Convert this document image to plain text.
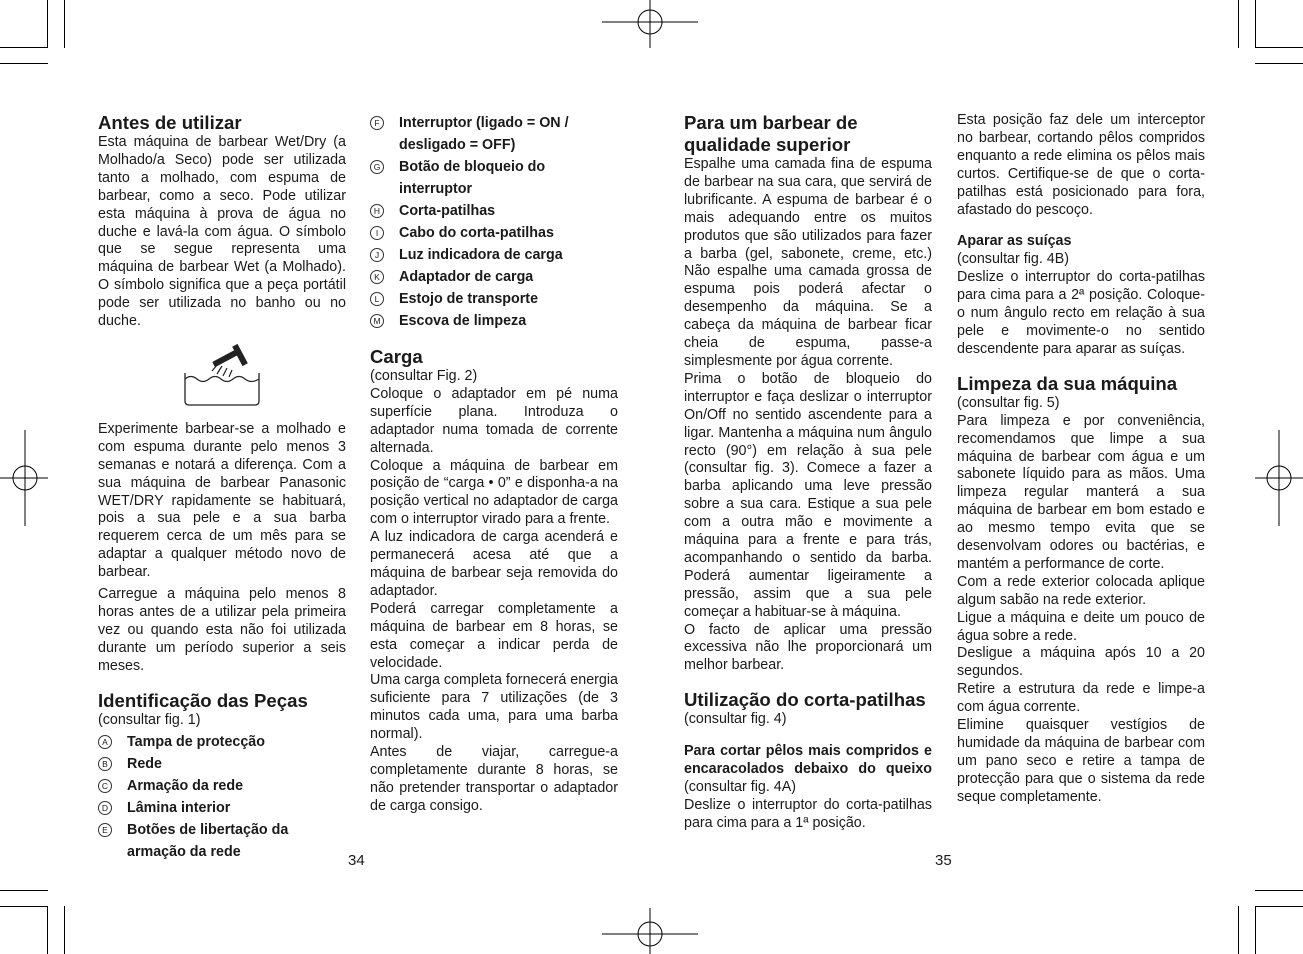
Antes de utilizar

Esta máquina de barbear Wet/Dry (a Molhado/a Seco) pode ser utilizada tanto a molhado, com espuma de barbear, como a seco. Pode utilizar esta máquina à prova de água no duche e lavá-la com água. O símbolo que se segue representa uma máquina de barbear Wet (a Molhado). O símbolo significa que a peça portátil pode ser utilizada no banho ou no duche.

Experimente barbear-se a molhado e com espuma durante pelo menos 3 semanas e notará a diferença. Com a sua máquina de barbear Panasonic WET/DRY rapidamente se habituará, pois a sua pele e a sua barba requerem cerca de um mês para se adaptar a qualquer método novo de barbear.

Carregue a máquina pelo menos 8 horas antes de a utilizar pela primeira vez ou quando esta não foi utilizada durante um período superior a seis meses.

Identificação das Peças

(consultar fig. 1)

A	Tampa de protecção
B	Rede
C	Armação da rede
D	Lâmina interior
E	Botões de libertação da armação da rede
F	Interruptor (ligado = ON / desligado = OFF)
G	Botão de bloqueio do interruptor
H	Corta-patilhas
I	Cabo do corta-patilhas
J	Luz indicadora de carga
K	Adaptador de carga
L	Estojo de transporte
M	Escova de limpeza
Carga

(consultar Fig. 2)

Coloque o adaptador em pé numa superfície plana. Introduza o adaptador numa tomada de corrente alternada.

Coloque a máquina de barbear em posição de “carga • 0” e disponha-a na posição vertical no adaptador de carga com o interruptor virado para a frente.

A luz indicadora de carga acenderá e permanecerá acesa até que a máquina de barbear seja removida do adaptador.

Poderá carregar completamente a máquina de barbear em 8 horas, se esta começar a indicar perda de velocidade.

Uma carga completa fornecerá energia suficiente para 7 utilizações (de 3 minutos cada uma, para uma barba normal).

Antes de viajar, carregue-a completamente durante 8 horas, se não pretender transportar o adaptador de carga consigo.

Para um barbear de qualidade superior

Espalhe uma camada fina de espuma de barbear na sua cara, que servirá de lubrificante. A espuma de barbear é o mais adequando entre os muitos produtos que são utilizados para fazer a barba (gel, sabonete, creme, etc.) Não espalhe uma camada grossa de espuma pois poderá afectar o desempenho da máquina. Se a cabeça da máquina de barbear ficar cheia de espuma, passe-a simplesmente por água corrente.

Prima o botão de bloqueio do interruptor e faça deslizar o interruptor On/Off no sentido ascendente para a ligar. Mantenha a máquina num ângulo recto (90°) em relação à sua pele (consultar fig. 3). Comece a fazer a barba aplicando uma leve pressão sobre a sua cara. Estique a sua pele com a outra mão e movimente a máquina para a frente e para trás, acompanhando o sentido da barba. Poderá aumentar ligeiramente a pressão, assim que a sua pele começar a habituar-se à máquina.

O facto de aplicar uma pressão excessiva não lhe proporcionará um melhor barbear.

Utilização do corta-patilhas

(consultar fig. 4)

Para cortar pêlos mais compridos e encaracolados debaixo do queixo (consultar fig. 4A)

Deslize o interruptor do corta-patilhas para cima para a 1ª posição.

Esta posição faz dele um interceptor no barbear, cortando pêlos compridos enquanto a rede elimina os pêlos mais curtos. Certifique-se de que o corta-patilhas está posicionado para fora, afastado do pescoço.

Aparar as suíças

(consultar fig. 4B)

Deslize o interruptor do corta-patilhas para cima para a 2ª posição. Coloque-o num ângulo recto em relação à sua pele e movimente-o no sentido descendente para aparar as suíças.

Limpeza da sua máquina

(consultar fig. 5)

Para limpeza e por conveniência, recomendamos que limpe a sua máquina de barbear com água e um sabonete líquido para as mãos. Uma limpeza regular manterá a sua máquina de barbear em bom estado e ao mesmo tempo evita que se desenvolvam odores ou bactérias, e mantém a performance de corte.

Com a rede exterior colocada aplique algum sabão na rede exterior.

Ligue a máquina e deite um pouco de água sobre a rede.

Desligue a máquina após 10 a 20 segundos.

Retire a estrutura da rede e limpe-a com água corrente.

Elimine quaisquer vestígios de humidade da máquina de barbear com um pano seco e retire a tampa de protecção para que o sistema da rede seque completamente.

34	35
